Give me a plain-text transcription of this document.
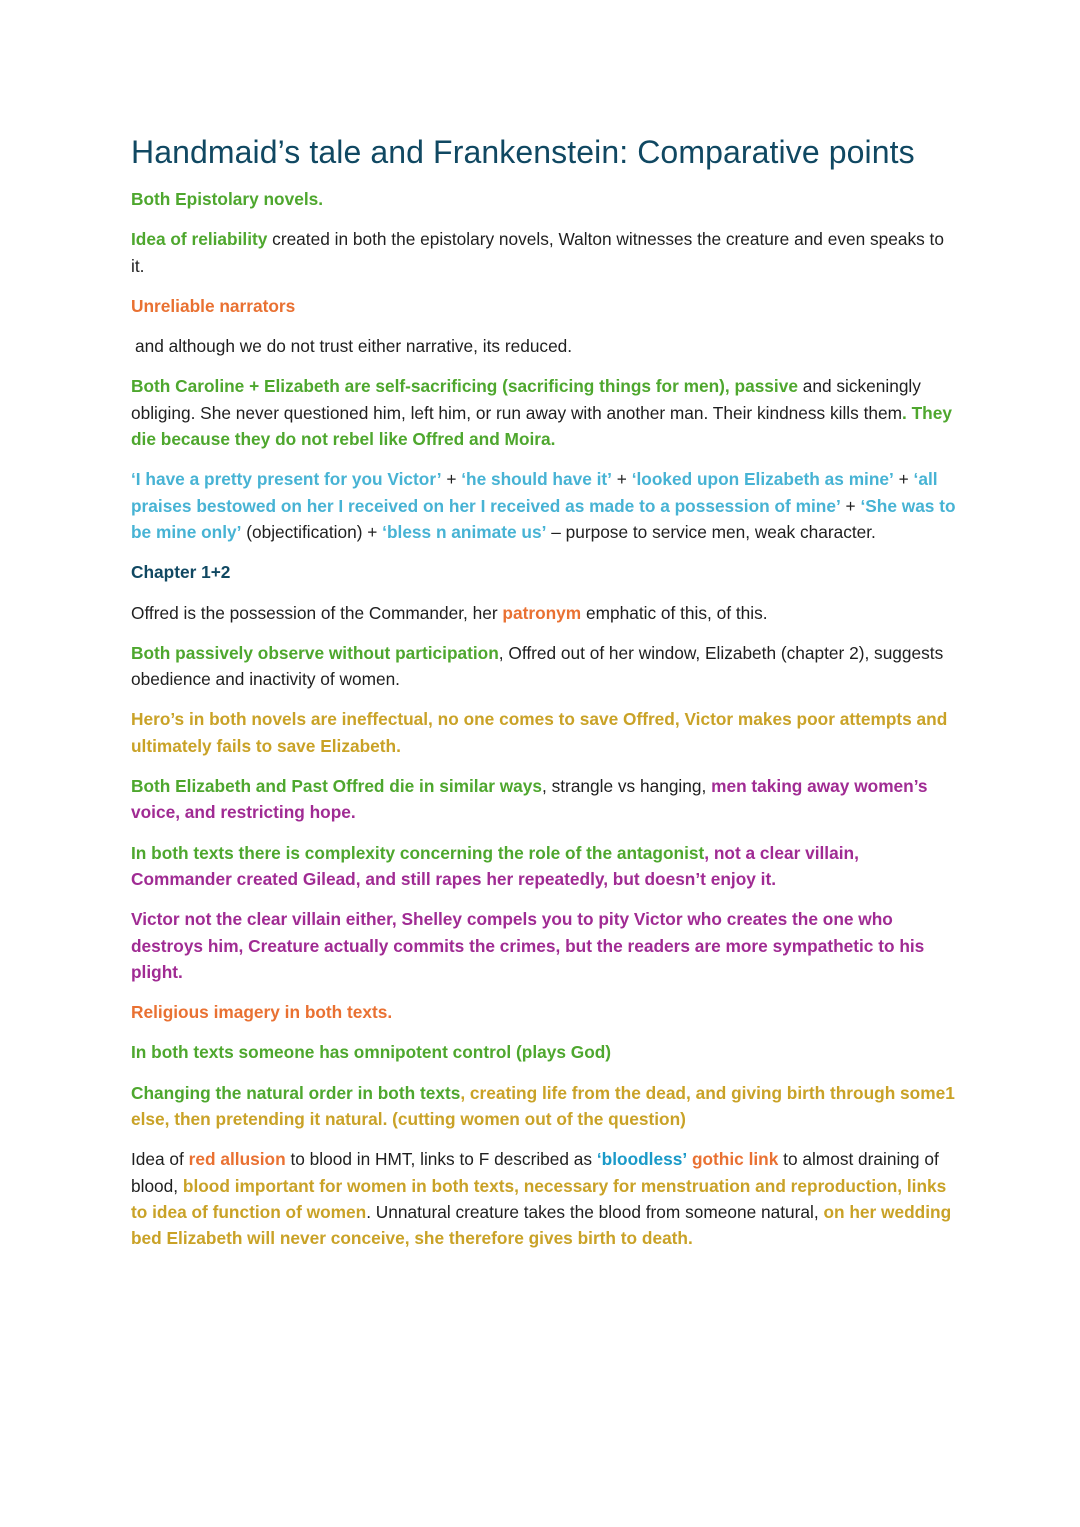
Handmaid’s tale and Frankenstein: Comparative points

Both Epistolary novels.

Idea of reliability created in both the epistolary novels, Walton witnesses the creature and even speaks to it.

Unreliable narrators

and although we do not trust either narrative, its reduced.

Both Caroline + Elizabeth are self-sacrificing (sacrificing things for men), passive and sickeningly obliging. She never questioned him, left him, or run away with another man. Their kindness kills them. They die because they do not rebel like Offred and Moira.

‘I have a pretty present for you Victor’ + ‘he should have it’ + ‘looked upon Elizabeth as mine’ + ‘all praises bestowed on her I received on her I received as made to a possession of mine’ + ‘She was to be mine only’ (objectification) + ‘bless n animate us’ – purpose to service men, weak character.

Chapter 1+2

Offred is the possession of the Commander, her patronym emphatic of this, of this.

Both passively observe without participation, Offred out of her window, Elizabeth (chapter 2), suggests obedience and inactivity of women.

Hero’s in both novels are ineffectual, no one comes to save Offred, Victor makes poor attempts and ultimately fails to save Elizabeth.

Both Elizabeth and Past Offred die in similar ways, strangle vs hanging, men taking away women’s voice, and restricting hope.

In both texts there is complexity concerning the role of the antagonist, not a clear villain, Commander created Gilead, and still rapes her repeatedly, but doesn’t enjoy it.

Victor not the clear villain either, Shelley compels you to pity Victor who creates the one who destroys him, Creature actually commits the crimes, but the readers are more sympathetic to his plight.

Religious imagery in both texts.

In both texts someone has omnipotent control (plays God)

Changing the natural order in both texts, creating life from the dead, and giving birth through some1 else, then pretending it natural. (cutting women out of the question)

Idea of red allusion to blood in HMT, links to F described as ‘bloodless’ gothic link to almost draining of blood, blood important for women in both texts, necessary for menstruation and reproduction, links to idea of function of women. Unnatural creature takes the blood from someone natural, on her wedding bed Elizabeth will never conceive, she therefore gives birth to death.
